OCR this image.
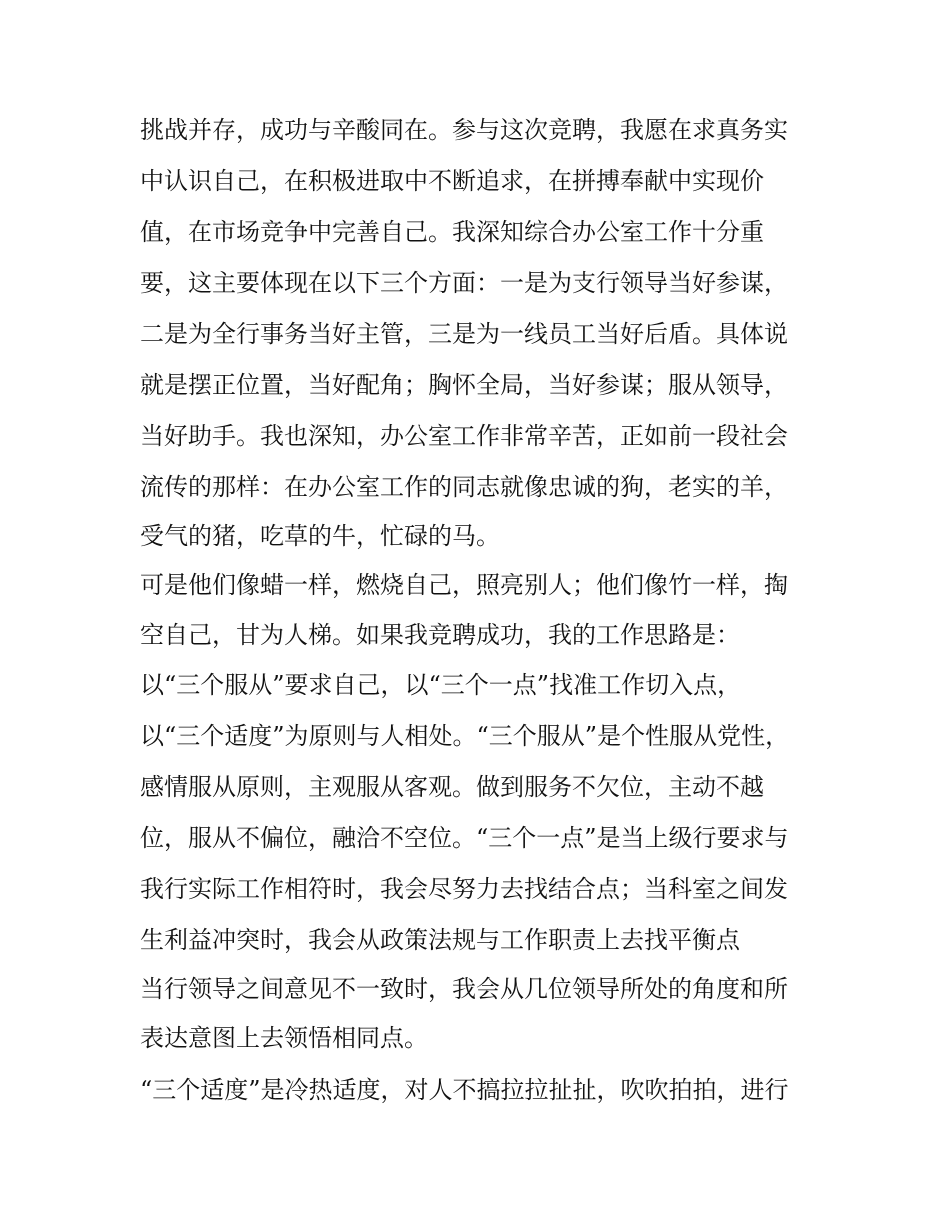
挑战并存，成功与辛酸同在。参与这次竞聘，我愿在求真务实
中认识自己，在积极进取中不断追求，在拼搏奉献中实现价
值，在市场竞争中完善自己。我深知综合办公室工作十分重
要，这主要体现在以下三个方面：一是为支行领导当好参谋，
二是为全行事务当好主管，三是为一线员工当好后盾。具体说
就是摆正位置，当好配角；胸怀全局，当好参谋；服从领导，
当好助手。我也深知，办公室工作非常辛苦，正如前一段社会
流传的那样：在办公室工作的同志就像忠诚的狗，老实的羊，
受气的猪，吃草的牛，忙碌的马。
可是他们像蜡一样，燃烧自己，照亮别人；他们像竹一样，掏
空自己，甘为人梯。如果我竞聘成功，我的工作思路是：
以“三个服从”要求自己，以“三个一点”找准工作切入点，
以“三个适度”为原则与人相处。“三个服从”是个性服从党性，
感情服从原则，主观服从客观。做到服务不欠位，主动不越
位，服从不偏位，融洽不空位。“三个一点”是当上级行要求与
我行实际工作相符时，我会尽努力去找结合点；当科室之间发
生利益冲突时，我会从政策法规与工作职责上去找平衡点
当行领导之间意见不一致时，我会从几位领导所处的角度和所
表达意图上去领悟相同点。
“三个适度”是冷热适度，对人不搞拉拉扯扯，吹吹拍拍，进行
